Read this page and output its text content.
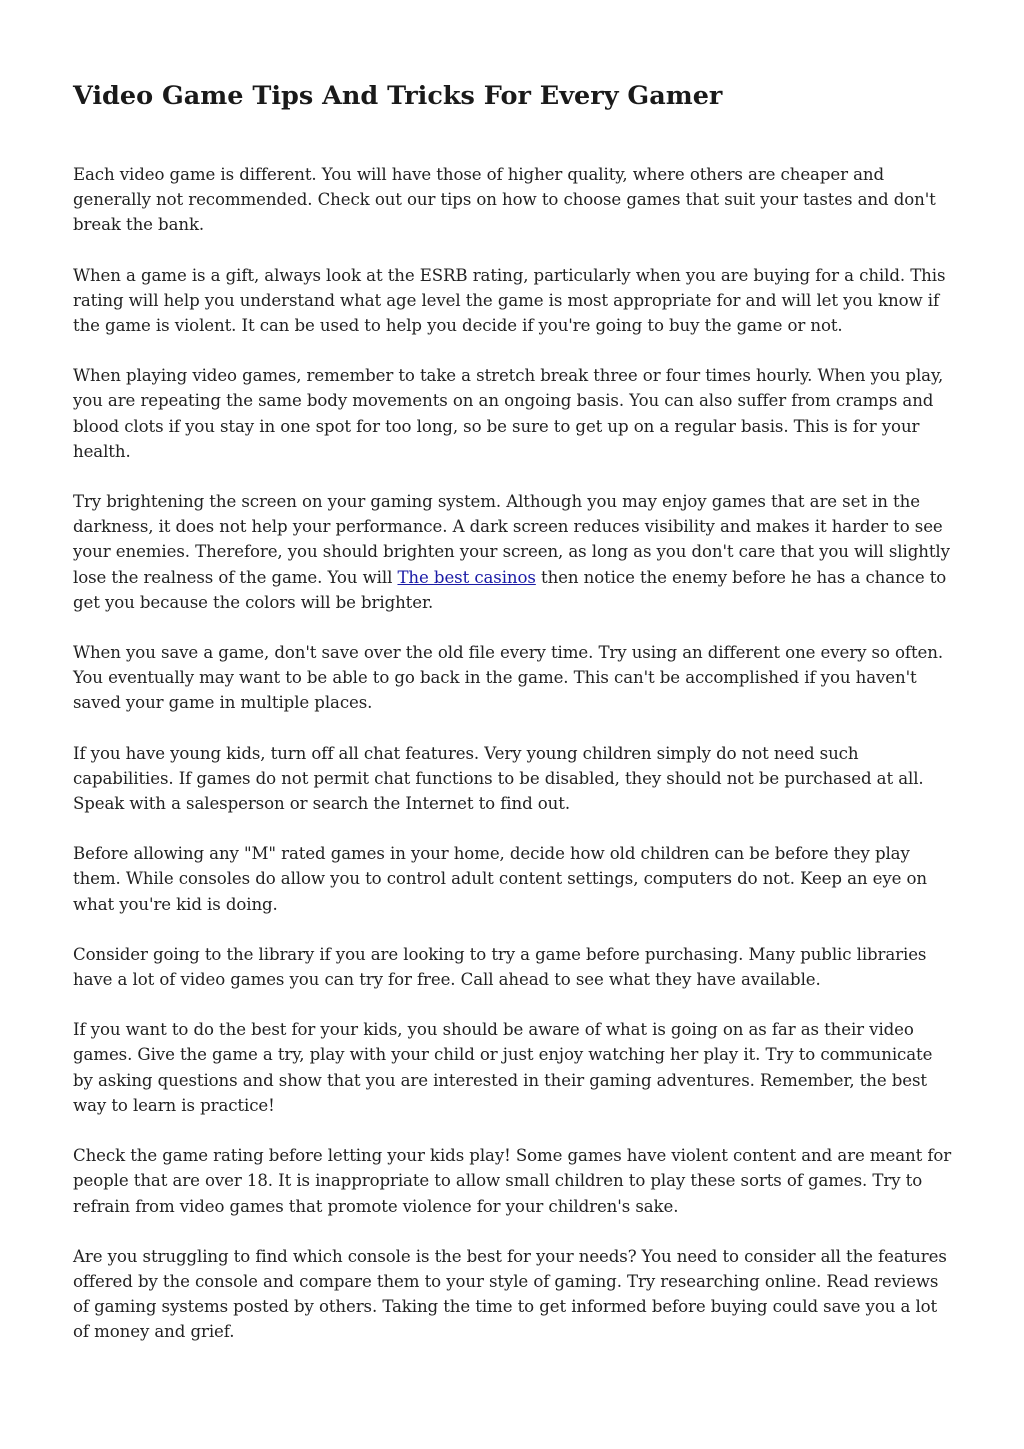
Video Game Tips And Tricks For Every Gamer

Each video game is different. You will have those of higher quality, where others are cheaper and generally not recommended. Check out our tips on how to choose games that suit your tastes and don't break the bank.

When a game is a gift, always look at the ESRB rating, particularly when you are buying for a child. This rating will help you understand what age level the game is most appropriate for and will let you know if the game is violent. It can be used to help you decide if you're going to buy the game or not.

When playing video games, remember to take a stretch break three or four times hourly. When you play, you are repeating the same body movements on an ongoing basis. You can also suffer from cramps and blood clots if you stay in one spot for too long, so be sure to get up on a regular basis. This is for your health.

Try brightening the screen on your gaming system. Although you may enjoy games that are set in the darkness, it does not help your performance. A dark screen reduces visibility and makes it harder to see your enemies. Therefore, you should brighten your screen, as long as you don't care that you will slightly lose the realness of the game. You will The best casinos then notice the enemy before he has a chance to get you because the colors will be brighter.

When you save a game, don't save over the old file every time. Try using an different one every so often. You eventually may want to be able to go back in the game. This can't be accomplished if you haven't saved your game in multiple places.

If you have young kids, turn off all chat features. Very young children simply do not need such capabilities. If games do not permit chat functions to be disabled, they should not be purchased at all. Speak with a salesperson or search the Internet to find out.

Before allowing any "M" rated games in your home, decide how old children can be before they play them. While consoles do allow you to control adult content settings, computers do not. Keep an eye on what you're kid is doing.

Consider going to the library if you are looking to try a game before purchasing. Many public libraries have a lot of video games you can try for free. Call ahead to see what they have available.

If you want to do the best for your kids, you should be aware of what is going on as far as their video games. Give the game a try, play with your child or just enjoy watching her play it. Try to communicate by asking questions and show that you are interested in their gaming adventures. Remember, the best way to learn is practice!

Check the game rating before letting your kids play! Some games have violent content and are meant for people that are over 18. It is inappropriate to allow small children to play these sorts of games. Try to refrain from video games that promote violence for your children's sake.

Are you struggling to find which console is the best for your needs? You need to consider all the features offered by the console and compare them to your style of gaming. Try researching online. Read reviews of gaming systems posted by others. Taking the time to get informed before buying could save you a lot of money and grief.
